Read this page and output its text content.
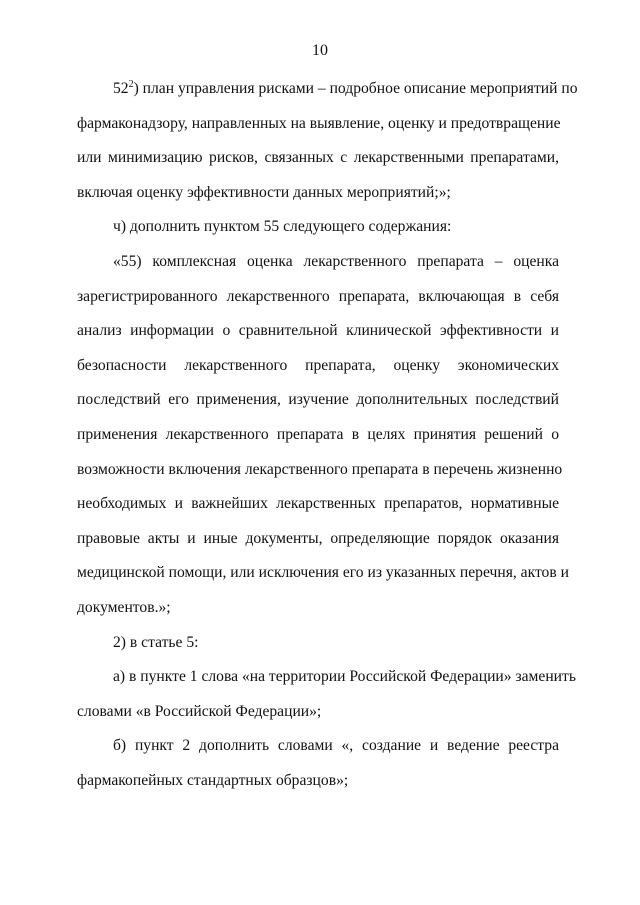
10
$52^2$) план управления рисками – подробное описание мероприятий по
фармаконадзору, направленных на выявление, оценку и предотвращение
или минимизацию рисков, связанных с лекарственными препаратами,
включая оценку эффективности данных мероприятий;»;
ч) дополнить пунктом 55 следующего содержания:
«55) комплексная оценка лекарственного препарата – оценка
зарегистрированного лекарственного препарата, включающая в себя
анализ информации о сравнительной клинической эффективности и
безопасности лекарственного препарата, оценку экономических
последствий его применения, изучение дополнительных последствий
применения лекарственного препарата в целях принятия решений о
возможности включения лекарственного препарата в перечень жизненно
необходимых и важнейших лекарственных препаратов, нормативные
правовые акты и иные документы, определяющие порядок оказания
медицинской помощи, или исключения его из указанных перечня, актов и
документов.»;
2) в статье 5:
а) в пункте 1 слова «на территории Российской Федерации» заменить
словами «в Российской Федерации»;
б) пункт 2 дополнить словами «, создание и ведение реестра
фармакопейных стандартных образцов»;
